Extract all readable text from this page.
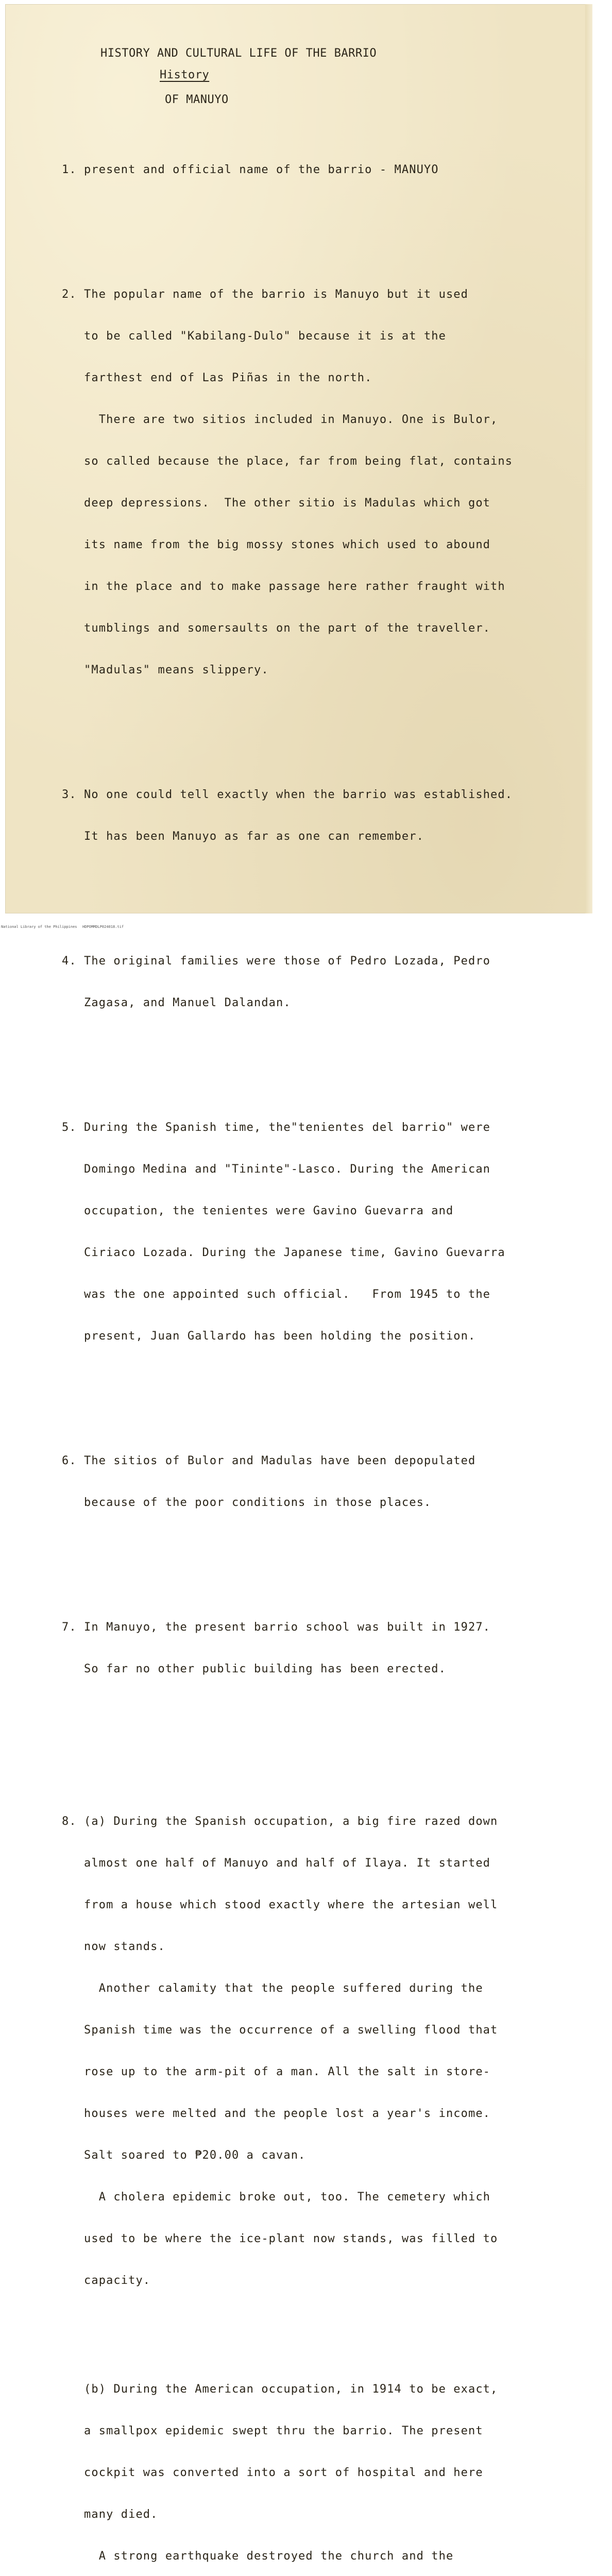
HISTORY AND CULTURAL LIFE OF THE BARRIO

OF MANUYO

History

1. present and official name of the barrio - MANUYO

2. The popular name of the barrio is Manuyo but it used

to be called "Kabilang-Dulo" because it is at the

farthest end of Las Piñas in the north.

There are two sitios included in Manuyo. One is Bulor,

so called because the place, far from being flat, contains

deep depressions.  The other sitio is Madulas which got

its name from the big mossy stones which used to abound

in the place and to make passage here rather fraught with

tumblings and somersaults on the part of the traveller.

"Madulas" means slippery.

3. No one could tell exactly when the barrio was established.

It has been Manuyo as far as one can remember.

4. The original families were those of Pedro Lozada, Pedro

Zagasa, and Manuel Dalandan.

5. During the Spanish time, the"tenientes del barrio" were

Domingo Medina and "Tininte"-Lasco. During the American

occupation, the tenientes were Gavino Guevarra and

Ciriaco Lozada. During the Japanese time, Gavino Guevarra

was the one appointed such official.   From 1945 to the

present, Juan Gallardo has been holding the position.

6. The sitios of Bulor and Madulas have been depopulated

because of the poor conditions in those places.

7. In Manuyo, the present barrio school was built in 1927.

So far no other public building has been erected.

8. (a) During the Spanish occupation, a big fire razed down

almost one half of Manuyo and half of Ilaya. It started

from a house which stood exactly where the artesian well

now stands.

Another calamity that the people suffered during the

Spanish time was the occurrence of a swelling flood that

rose up to the arm-pit of a man. All the salt in store-

houses were melted and the people lost a year's income.

Salt soared to ₱20.00 a cavan.

A cholera epidemic broke out, too. The cemetery which

used to be where the ice-plant now stands, was filled to

capacity.

(b) During the American occupation, in 1914 to be exact,

a smallpox epidemic swept thru the barrio. The present

cockpit was converted into a sort of hospital and here

many died.

A strong earthquake destroyed the church and the

National Library of the Philippines

HDPOMMDLP024018.tif
